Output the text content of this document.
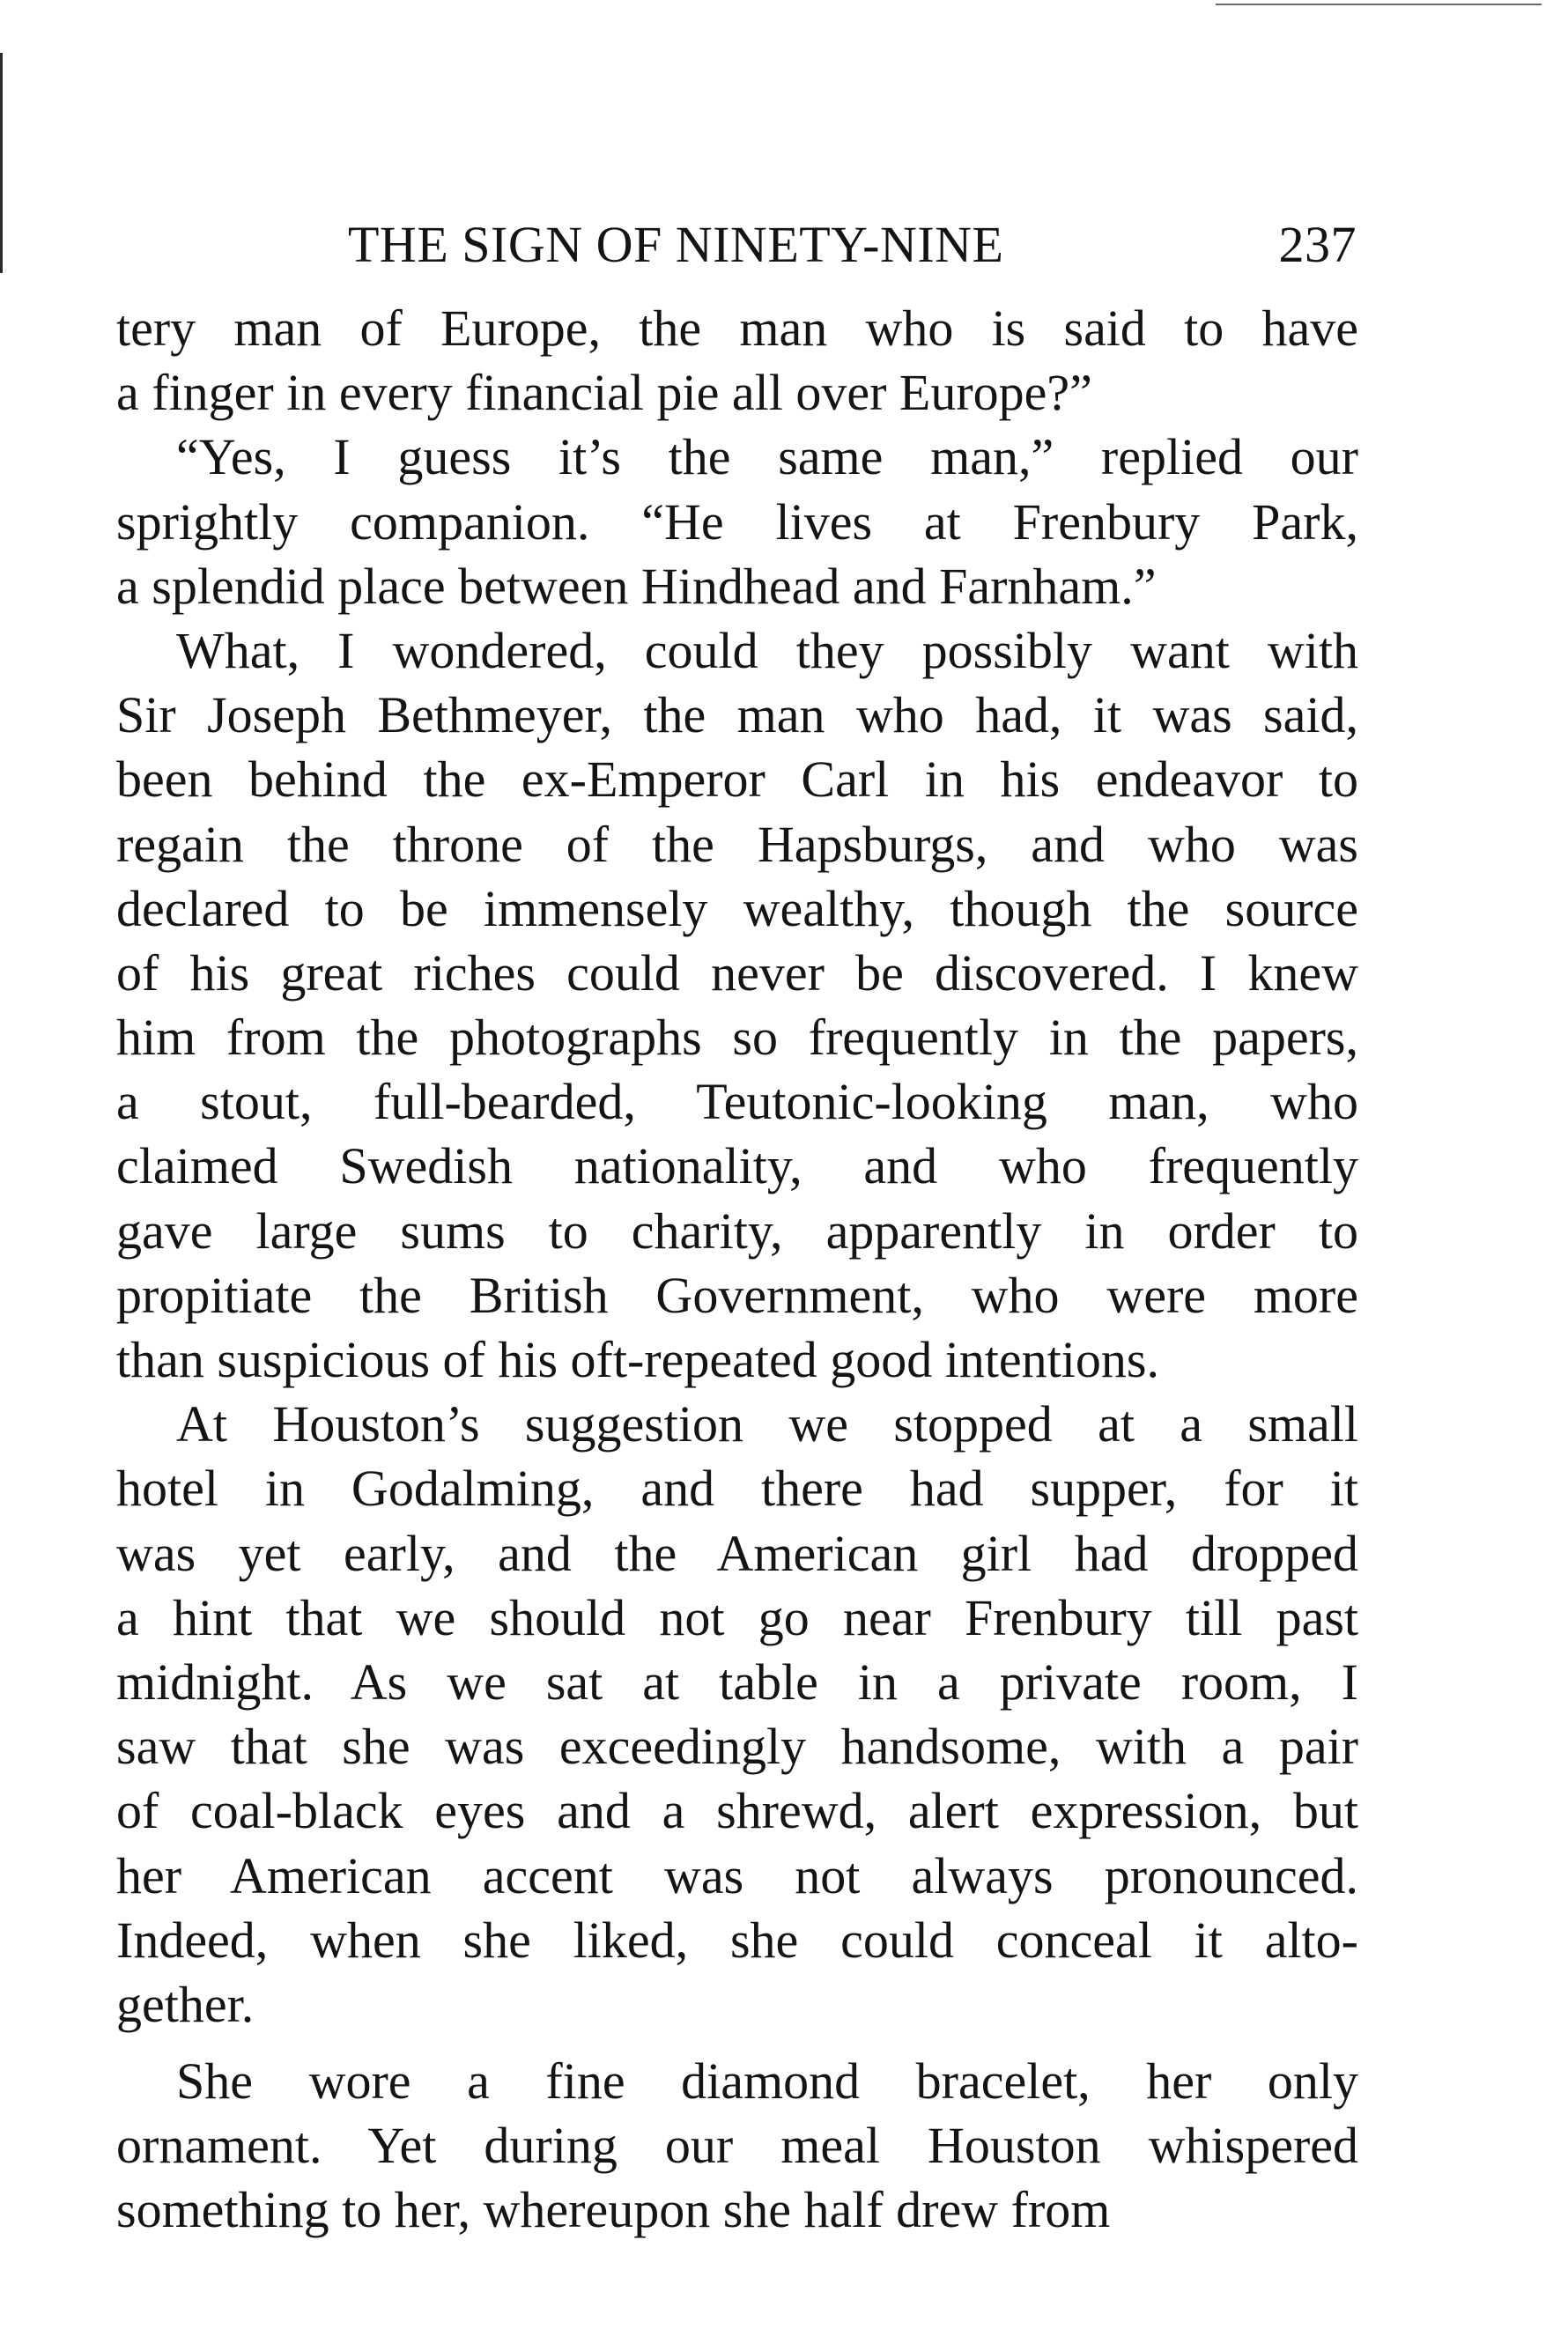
THE SIGN OF NINETY-NINE	237
tery man of Europe, the man who is said to have
a finger in every financial pie all over Europe?”
“Yes, I guess it’s the same man,” replied our
sprightly companion. “He lives at Frenbury Park,
a splendid place between Hindhead and Farnham.”
What, I wondered, could they possibly want with
Sir Joseph Bethmeyer, the man who had, it was said,
been behind the ex-Emperor Carl in his endeavor to
regain the throne of the Hapsburgs, and who was
declared to be immensely wealthy, though the source
of his great riches could never be discovered. I knew
him from the photographs so frequently in the papers,
a stout, full-bearded, Teutonic-looking man, who
claimed Swedish nationality, and who frequently
gave large sums to charity, apparently in order to
propitiate the British Government, who were more
than suspicious of his oft-repeated good intentions.
At Houston’s suggestion we stopped at a small
hotel in Godalming, and there had supper, for it
was yet early, and the American girl had dropped
a hint that we should not go near Frenbury till past
midnight. As we sat at table in a private room, I
saw that she was exceedingly handsome, with a pair
of coal-black eyes and a shrewd, alert expression, but
her American accent was not always pronounced.
Indeed, when she liked, she could conceal it alto-
gether.
She wore a fine diamond bracelet, her only
ornament. Yet during our meal Houston whispered
something to her, whereupon she half drew from
